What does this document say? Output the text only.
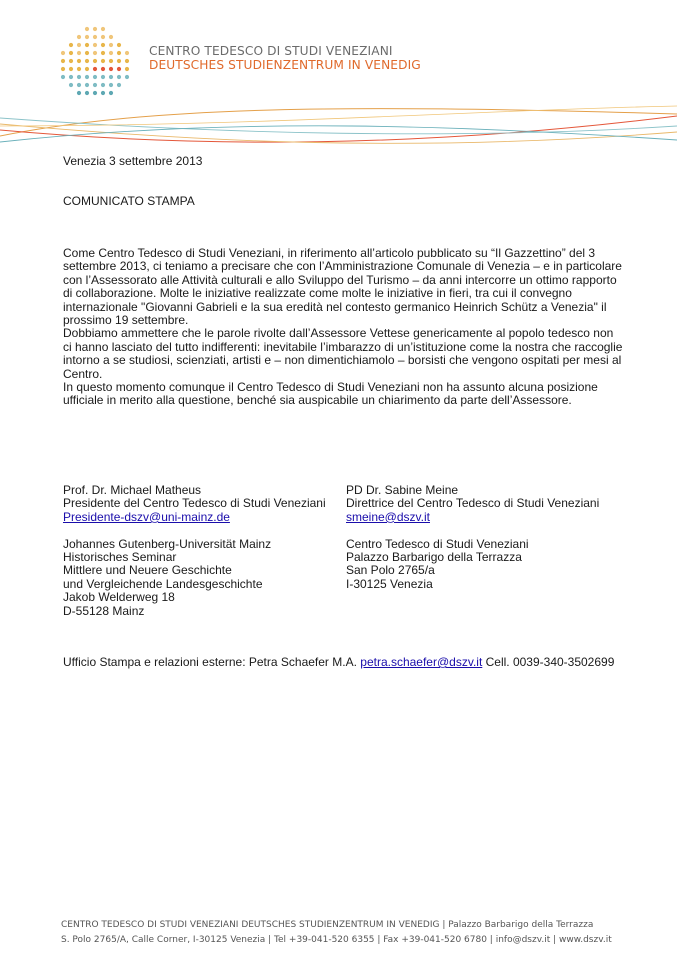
CENTRO TEDESCO DI STUDI VENEZIANI
DEUTSCHES STUDIENZENTRUM IN VENEDIG
Venezia 3 settembre 2013
COMUNICATO STAMPA

Come Centro Tedesco di Studi Veneziani, in riferimento all’articolo pubblicato su “Il Gazzettino” del 3 settembre 2013, ci teniamo a precisare che con l’Amministrazione Comunale di Venezia – e in particolare con l’Assessorato alle Attività culturali e allo Sviluppo del Turismo – da anni intercorre un ottimo rapporto di collaborazione. Molte le iniziative realizzate come molte le iniziative in fieri, tra cui il convegno internazionale "Giovanni Gabrieli e la sua eredità nel contesto germanico Heinrich Schütz a Venezia" il prossimo 19 settembre.

Dobbiamo ammettere che le parole rivolte dall’Assessore Vettese genericamente al popolo tedesco non ci hanno lasciato del tutto indifferenti: inevitabile l’imbarazzo di un’istituzione come la nostra che raccoglie intorno a se studiosi, scienziati, artisti e – non dimentichiamolo – borsisti che vengono ospitati per mesi al Centro.

In questo momento comunque il Centro Tedesco di Studi Veneziani non ha assunto alcuna posizione ufficiale in merito alla questione, benché sia auspicabile un chiarimento da parte dell’Assessore.

Prof. Dr. Michael Matheus
Presidente del Centro Tedesco di Studi Veneziani
Presidente-dszv@uni-mainz.de
Johannes Gutenberg-Universität Mainz
Historisches Seminar
Mittlere und Neuere Geschichte
und Vergleichende Landesgeschichte
Jakob Welderweg 18
D-55128 Mainz
PD Dr. Sabine Meine
Direttrice del Centro Tedesco di Studi Veneziani
smeine@dszv.it
Centro Tedesco di Studi Veneziani
Palazzo Barbarigo della Terrazza
San Polo 2765/a
I-30125 Venezia
Ufficio Stampa e relazioni esterne: Petra Schaefer M.A. petra.schaefer@dszv.it Cell. 0039-340-3502699
CENTRO TEDESCO DI STUDI VENEZIANI DEUTSCHES STUDIENZENTRUM IN VENEDIG | Palazzo Barbarigo della Terrazza
S. Polo 2765/A, Calle Corner, I-30125 Venezia | Tel +39-041-520 6355 | Fax +39-041-520 6780 | info@dszv.it | www.dszv.it
